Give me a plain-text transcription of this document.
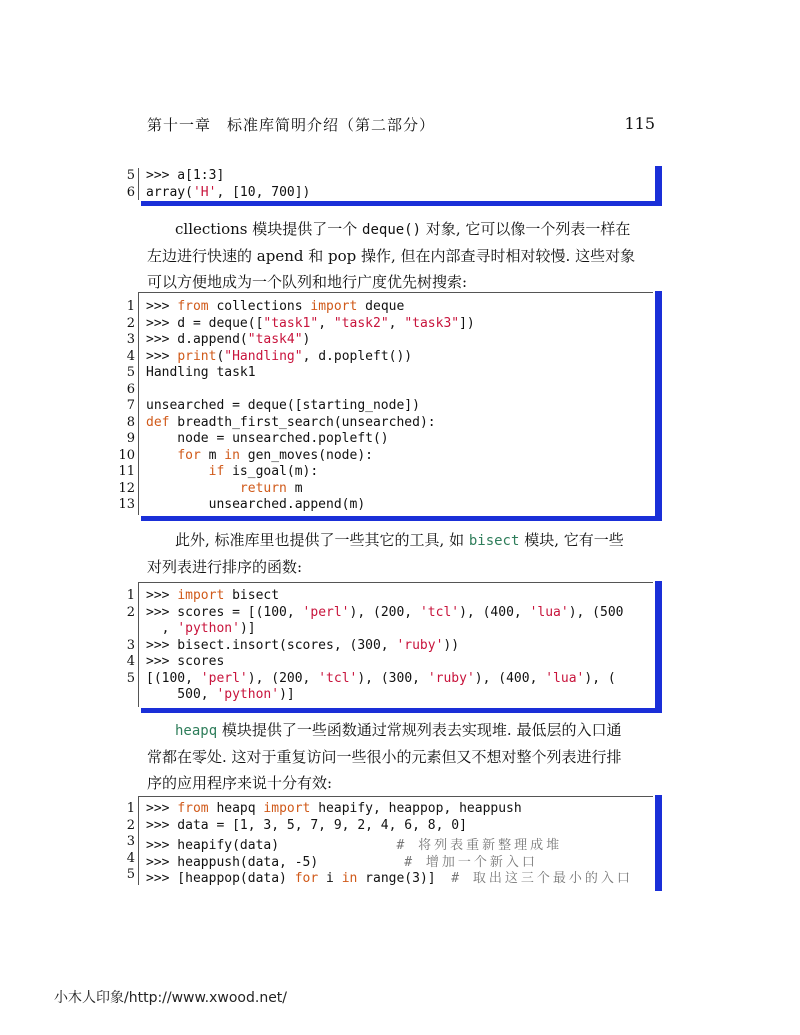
第十一章　标准库简明介绍（第二部分）	115
5 >>> a[1:3]
6 array('H', [10, 700])
cllections 模块提供了一个 deque() 对象, 它可以像一个列表一样在
左边进行快速的 apend 和 pop 操作, 但在内部查寻时相对较慢. 这些对象
可以方便地成为一个队列和地行广度优先树搜索:
1 >>> from collections import deque
2 >>> d = deque(["task1", "task2", "task3"])
3 >>> d.append("task4")
4 >>> print("Handling", d.popleft())
5 Handling task1
6
7 unsearched = deque([starting_node])
8 def breadth_first_search(unsearched):
9 node = unsearched.popleft()
10	for m in gen_moves(node):
11	if is_goal(m):
12	return m
13 unsearched.append(m)
此外, 标准库里也提供了一些其它的工具, 如 bisect 模块, 它有一些
对列表进行排序的函数:
1 >>> import bisect
2 >>> scores = [(100, 'perl'), (200, 'tcl'), (400, 'lua'), (500
, 'python')]
3 >>> bisect.insort(scores, (300, 'ruby'))
4 >>> scores
5 [(100, 'perl'), (200, 'tcl'), (300, 'ruby'), (400, 'lua'), (
500, 'python')]
heapq 模块提供了一些函数通过常规列表去实现堆. 最低层的入口通
常都在零处. 这对于重复访问一些很小的元素但又不想对整个列表进行排
序的应用程序来说十分有效:
1 >>> from heapq import heapify, heappop, heappush
2 >>> data = [1, 3, 5, 7, 9, 2, 4, 6, 8, 0]
3 >>> heapify(data)               # 将列表重新整理成堆
4 >>> heappush(data, -5)           # 增加一个新入口
5 >>> [heappop(data) for i in range(3)]  # 取出这三个最小的入口
小木人印象/http://www.xwood.net/
